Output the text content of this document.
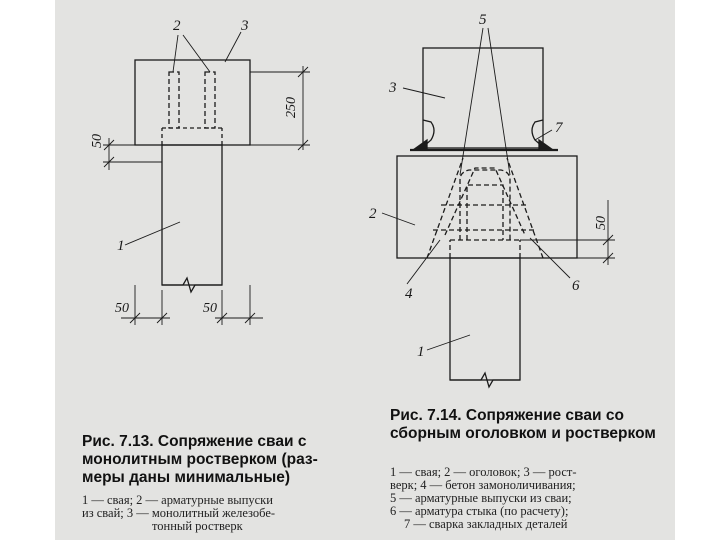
2	3
1
250
50
50	50
5
3
7
2
4	6
1
50
Рис. 7.13. Сопряжение сваи с
монолитным ростверком (раз-
меры даны минимальные)
1 — свая; 2 — арматурные выпуски
из свай; 3 — монолитный железобе-
тонный ростверк
Рис. 7.14. Сопряжение сваи со
сборным оголовком и ростверком
1 — свая; 2 — оголовок; 3 — рост-
верк; 4 — бетон замоноличивания;
5 — арматурные выпуски из сваи;
6 — арматура стыка (по расчету);
7 — сварка закладных деталей
